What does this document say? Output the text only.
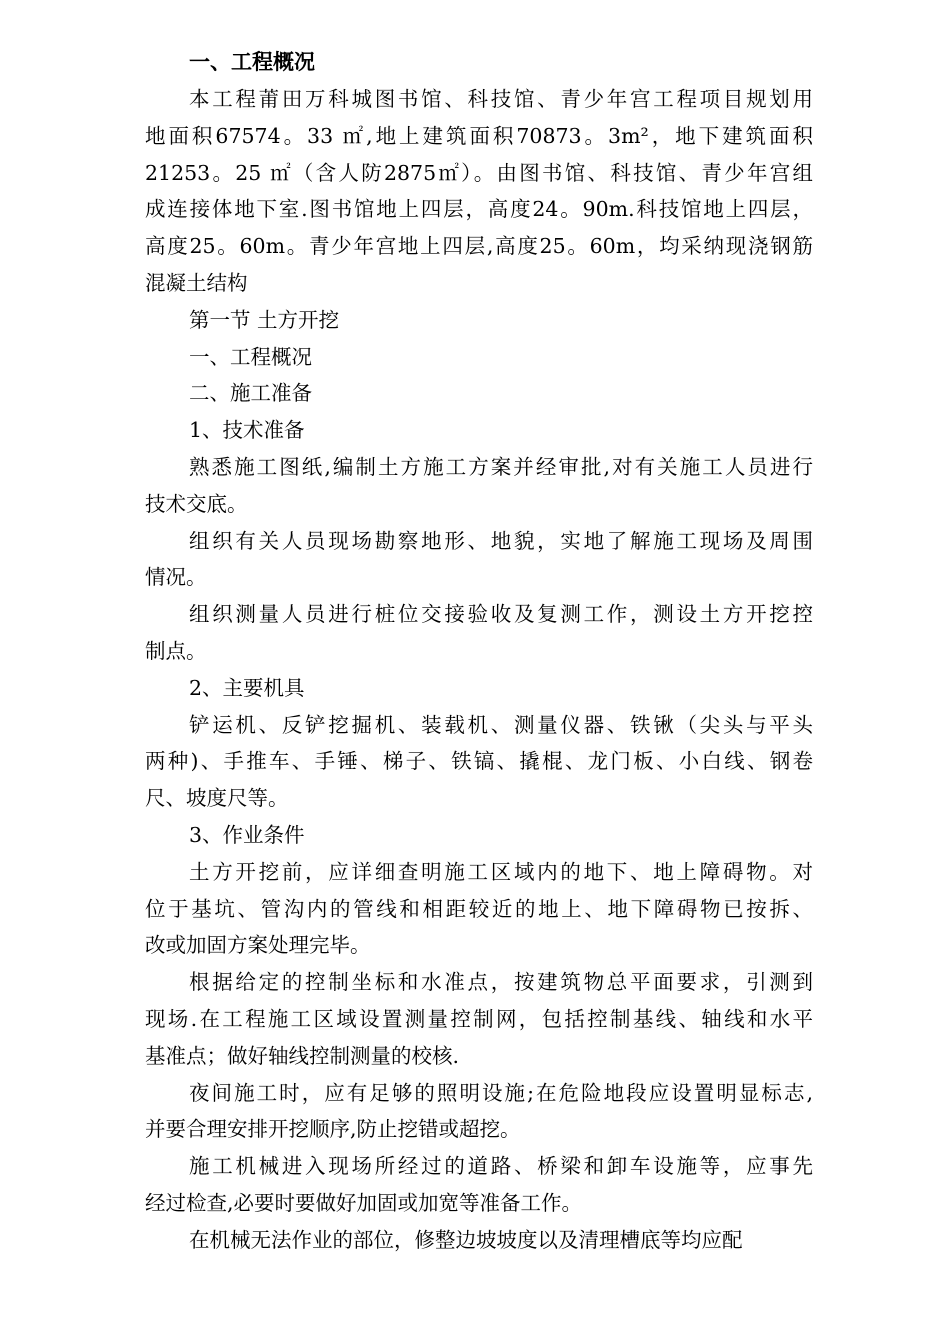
一、工程概况
本工程莆田万科城图书馆、科技馆、青少年宫工程项目规划用
地面积67574。33 ㎡,地上建筑面积70873。3m²，地下建筑面积
21253。25 ㎡（含人防2875㎡）。由图书馆、科技馆、青少年宫组
成连接体地下室.图书馆地上四层，高度24。90m.科技馆地上四层，
高度25。60m。青少年宫地上四层,高度25。60m，均采纳现浇钢筋
混凝土结构
第一节 土方开挖
一、工程概况
二、施工准备
1、技术准备
熟悉施工图纸,编制土方施工方案并经审批,对有关施工人员进行
技术交底。
组织有关人员现场勘察地形、地貌，实地了解施工现场及周围
情况。
组织测量人员进行桩位交接验收及复测工作，测设土方开挖控
制点。
2、主要机具
铲运机、反铲挖掘机、装载机、测量仪器、铁锹（尖头与平头
两种)、手推车、手锤、梯子、铁镐、撬棍、龙门板、小白线、钢卷
尺、坡度尺等。
3、作业条件
土方开挖前，应详细查明施工区域内的地下、地上障碍物。对
位于基坑、管沟内的管线和相距较近的地上、地下障碍物已按拆、
改或加固方案处理完毕。
根据给定的控制坐标和水准点，按建筑物总平面要求，引测到
现场.在工程施工区域设置测量控制网，包括控制基线、轴线和水平
基准点；做好轴线控制测量的校核.
夜间施工时，应有足够的照明设施;在危险地段应设置明显标志,
并要合理安排开挖顺序,防止挖错或超挖。
施工机械进入现场所经过的道路、桥梁和卸车设施等，应事先
经过检查,必要时要做好加固或加宽等准备工作。
在机械无法作业的部位，修整边坡坡度以及清理槽底等均应配
